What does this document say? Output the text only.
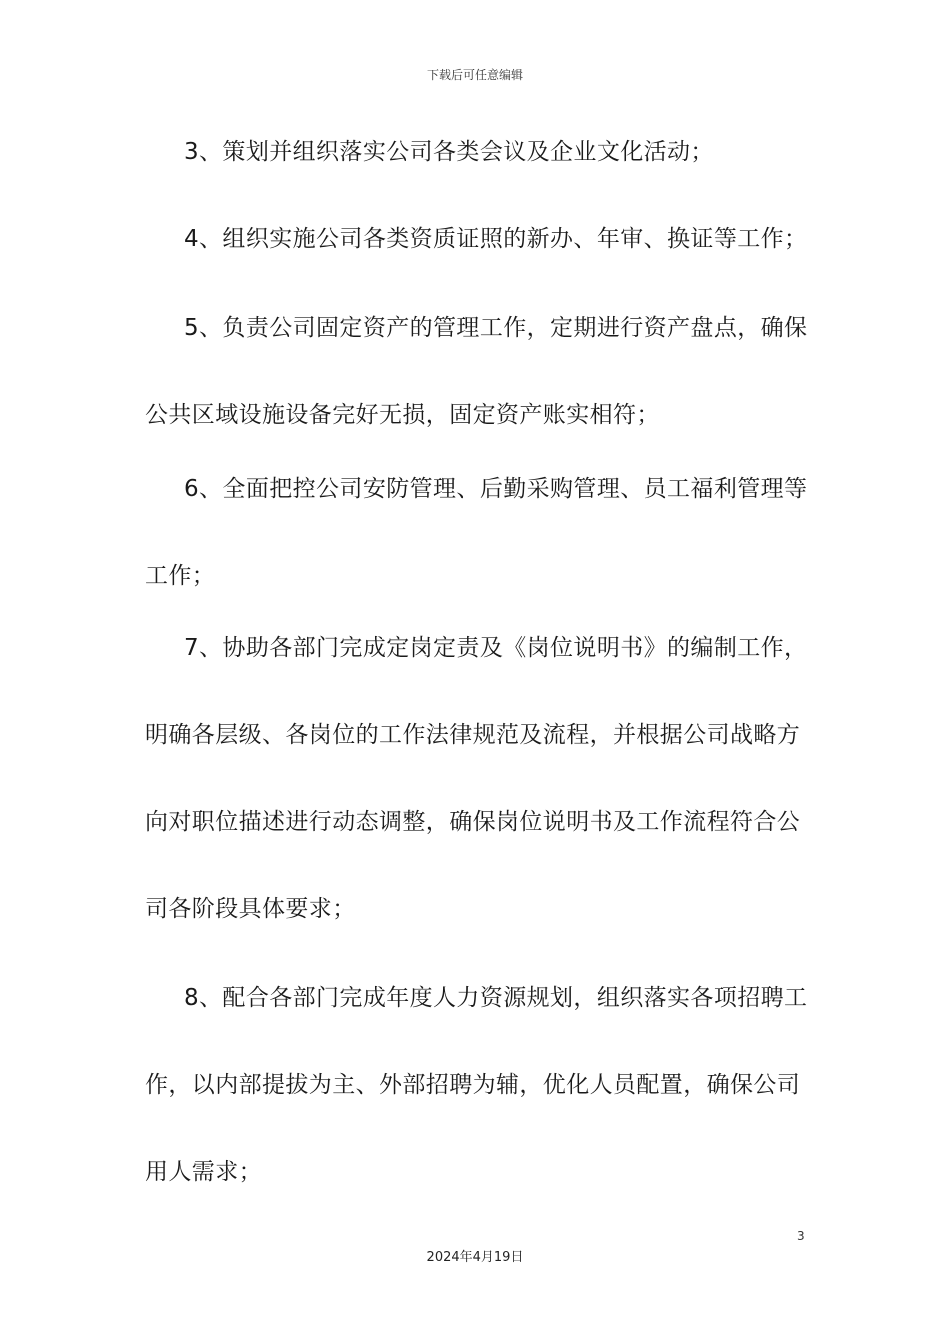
下载后可任意编辑
3、策划并组织落实公司各类会议及企业文化活动；
4、组织实施公司各类资质证照的新办、年审、换证等工作；
5、负责公司固定资产的管理工作，定期进行资产盘点，确保
公共区域设施设备完好无损，固定资产账实相符；
6、全面把控公司安防管理、后勤采购管理、员工福利管理等
工作；
7、协助各部门完成定岗定责及《岗位说明书》的编制工作，
明确各层级、各岗位的工作法律规范及流程，并根据公司战略方
向对职位描述进行动态调整，确保岗位说明书及工作流程符合公
司各阶段具体要求；
8、配合各部门完成年度人力资源规划，组织落实各项招聘工
作，以内部提拔为主、外部招聘为辅，优化人员配置，确保公司
用人需求；
3
2024年4月19日
